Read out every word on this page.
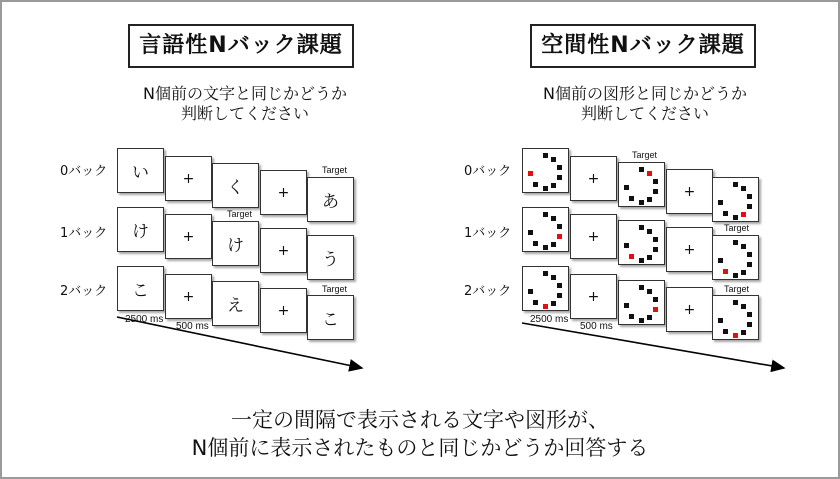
言語性Nバック課題
N個前の文字と同じかどうか
判断してください
0バック
1バック
2バック
い	+	く	+
Target
あ
け	+
Target
け	+	う
こ	+	え	+
Target
こ
2500 ms
500 ms
空間性Nバック課題
N個前の図形と同じかどうか
判断してください
0バック
1バック
2バック
+
Target
+
+
+
Target
+
+
Target
2500 ms
500 ms
一定の間隔で表示される文字や図形が、
N個前に表示されたものと同じかどうか回答する
